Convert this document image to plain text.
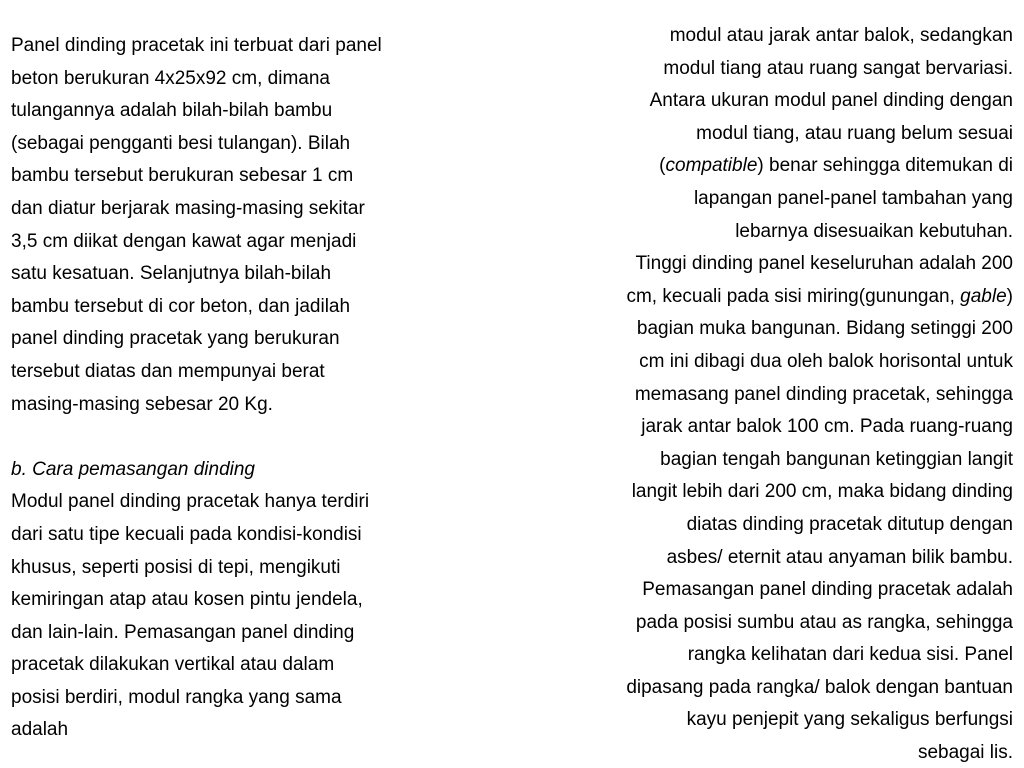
Panel dinding pracetak ini terbuat dari panel
beton berukuran 4x25x92 cm, dimana
tulangannya adalah bilah-bilah bambu
(sebagai pengganti besi tulangan). Bilah
bambu tersebut berukuran sebesar 1 cm
dan diatur berjarak masing-masing sekitar
3,5 cm diikat dengan kawat agar menjadi
satu kesatuan. Selanjutnya bilah-bilah
bambu tersebut di cor beton, dan jadilah
panel dinding pracetak yang berukuran
tersebut diatas dan mempunyai berat
masing-masing sebesar 20 Kg.
b. Cara pemasangan dinding
Modul panel dinding pracetak hanya terdiri
dari satu tipe kecuali pada kondisi-kondisi
khusus, seperti posisi di tepi, mengikuti
kemiringan atap atau kosen pintu jendela,
dan lain-lain. Pemasangan panel dinding
pracetak dilakukan vertikal atau dalam
posisi berdiri, modul rangka yang sama
adalah
modul atau jarak antar balok, sedangkan
modul tiang atau ruang sangat bervariasi.
Antara ukuran modul panel dinding dengan
modul tiang, atau ruang belum sesuai
(compatible) benar sehingga ditemukan di
lapangan panel-panel tambahan yang
lebarnya disesuaikan kebutuhan.
Tinggi dinding panel keseluruhan adalah 200
cm, kecuali pada sisi miring(gunungan, gable)
bagian muka bangunan. Bidang setinggi 200
cm ini dibagi dua oleh balok horisontal untuk
memasang panel dinding pracetak, sehingga
jarak antar balok 100 cm. Pada ruang-ruang
bagian tengah bangunan ketinggian langit
langit lebih dari 200 cm, maka bidang dinding
diatas dinding pracetak ditutup dengan
asbes/ eternit atau anyaman bilik bambu.
Pemasangan panel dinding pracetak adalah
pada posisi sumbu atau as rangka, sehingga
rangka kelihatan dari kedua sisi. Panel
dipasang pada rangka/ balok dengan bantuan
kayu penjepit yang sekaligus berfungsi
sebagai lis.
